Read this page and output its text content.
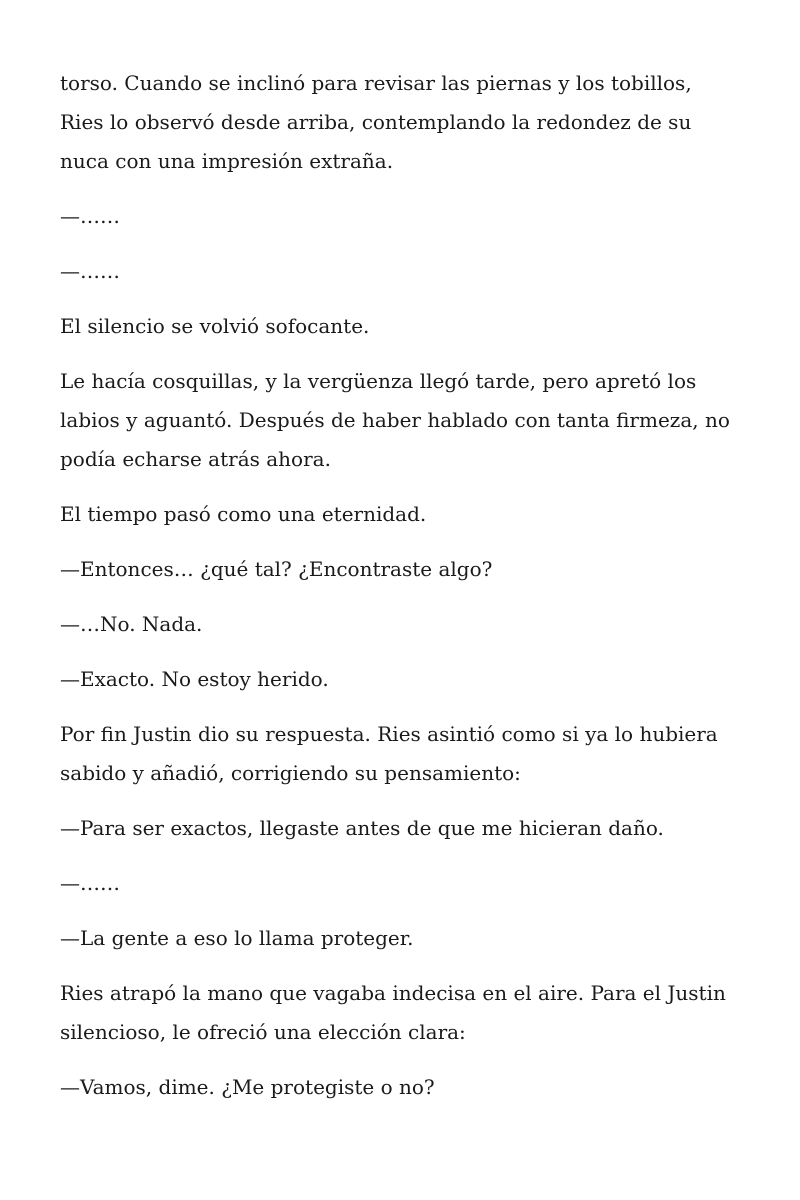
torso. Cuando se inclinó para revisar las piernas y los tobillos, Ries lo observó desde arriba, contemplando la redondez de su nuca con una impresión extraña.

—……

—……

El silencio se volvió sofocante.

Le hacía cosquillas, y la vergüenza llegó tarde, pero apretó los labios y aguantó. Después de haber hablado con tanta firmeza, no podía echarse atrás ahora.

El tiempo pasó como una eternidad.

—Entonces… ¿qué tal? ¿Encontraste algo?

—…No. Nada.

—Exacto. No estoy herido.

Por fin Justin dio su respuesta. Ries asintió como si ya lo hubiera sabido y añadió, corrigiendo su pensamiento:

—Para ser exactos, llegaste antes de que me hicieran daño.

—……

—La gente a eso lo llama proteger.

Ries atrapó la mano que vagaba indecisa en el aire. Para el Justin silencioso, le ofreció una elección clara:

—Vamos, dime. ¿Me protegiste o no?
